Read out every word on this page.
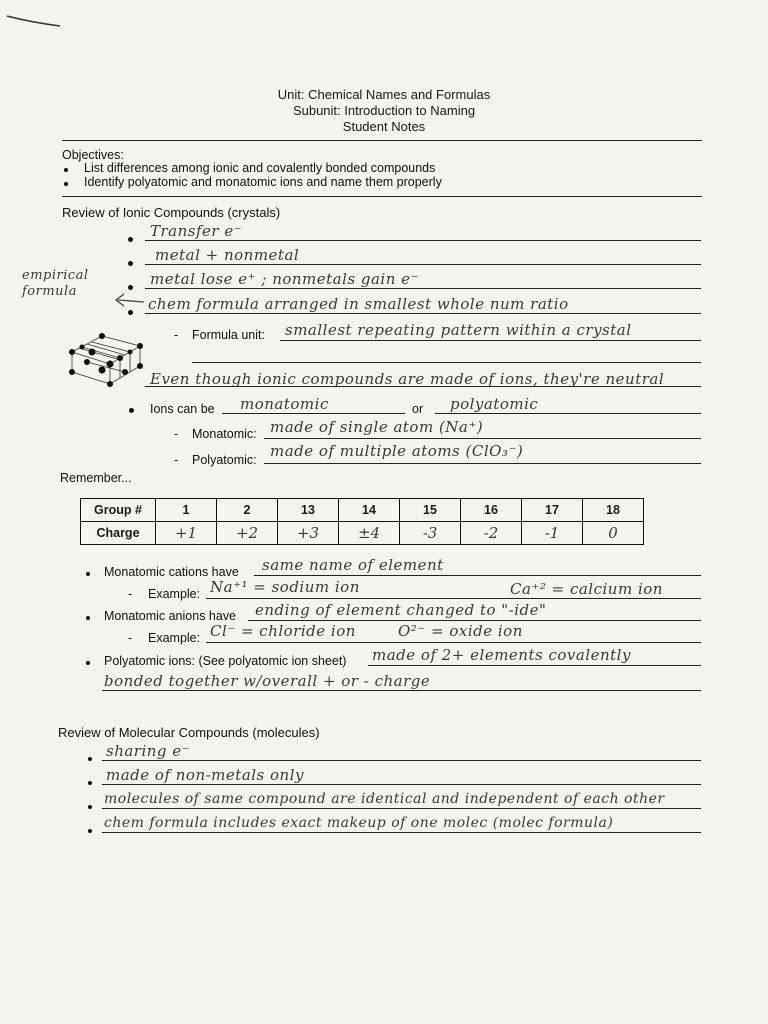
Unit: Chemical Names and Formulas
Subunit: Introduction to Naming
Student Notes
Objectives:
List differences among ionic and covalently bonded compounds
Identify polyatomic and monatomic ions and name them properly
Review of Ionic Compounds (crystals)
Transfer e⁻
metal + nonmetal
metal lose e⁺ ; nonmetals gain e⁻
empirical formula
chem formula arranged in smallest whole num ratio
- Formula unit: smallest repeating pattern within a crystal
Even though ionic compounds are made of ions, they're neutral
Ions can be monatomic	or polyatomic
- Monatomic: made of single atom (Na⁺)
- Polyatomic: made of multiple atoms (ClO₃⁻)
Remember...
Group #	1	2	13	14	15	16	17	18
Charge	+1	+2	+3	±4	-3	-2	-1	0
Monatomic cations have same name of element
- Example: Na⁺¹ = sodium ion	Ca⁺² = calcium ion
Monatomic anions have ending of element changed to "-ide"
- Example: Cl⁻ = chloride ion	O²⁻ = oxide ion
Polyatomic ions: (See polyatomic ion sheet) made of 2+ elements covalently
bonded together w/overall + or - charge
Review of Molecular Compounds (molecules)
sharing e⁻
made of non-metals only
molecules of same compound are identical and independent of each other
chem formula includes exact makeup of one molec (molec formula)
